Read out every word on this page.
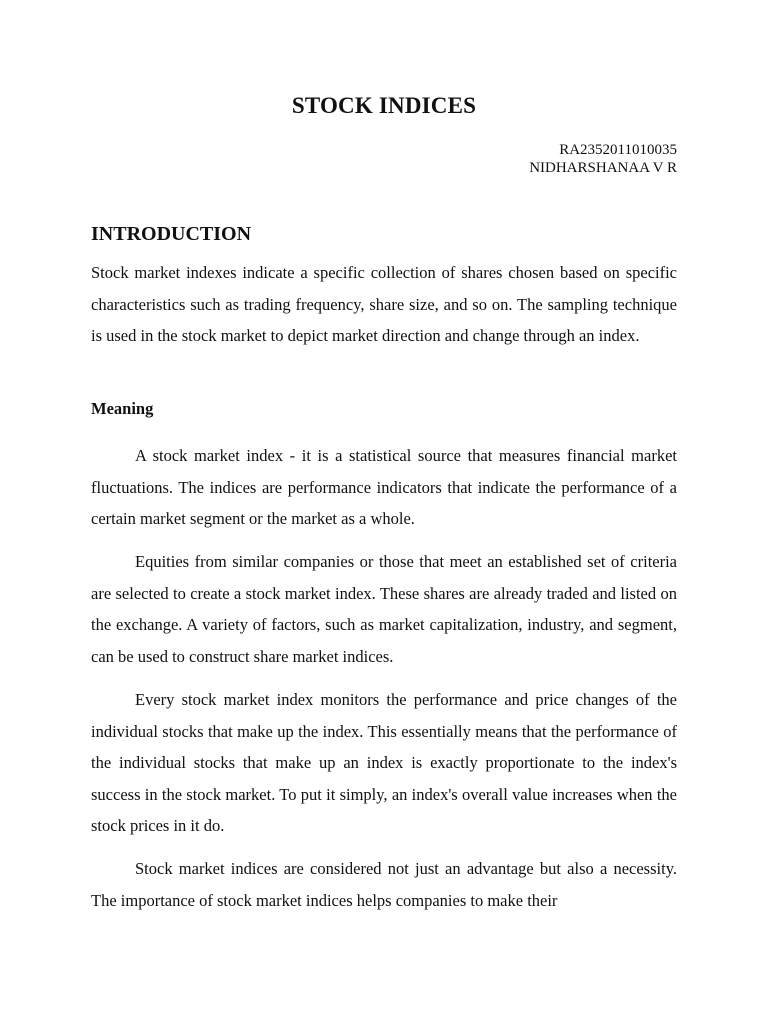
STOCK INDICES
RA2352011010035
NIDHARSHANAA V R
INTRODUCTION

Stock market indexes indicate a specific collection of shares chosen based on specific characteristics such as trading frequency, share size, and so on. The sampling technique is used in the stock market to depict market direction and change through an index.

Meaning

A stock market index - it is a statistical source that measures financial market fluctuations. The indices are performance indicators that indicate the performance of a certain market segment or the market as a whole.

Equities from similar companies or those that meet an established set of criteria are selected to create a stock market index. These shares are already traded and listed on the exchange. A variety of factors, such as market capitalization, industry, and segment, can be used to construct share market indices.

Every stock market index monitors the performance and price changes of the individual stocks that make up the index. This essentially means that the performance of the individual stocks that make up an index is exactly proportionate to the index's success in the stock market. To put it simply, an index's overall value increases when the stock prices in it do.

Stock market indices are considered not just an advantage but also a necessity. The importance of stock market indices helps companies to make their
